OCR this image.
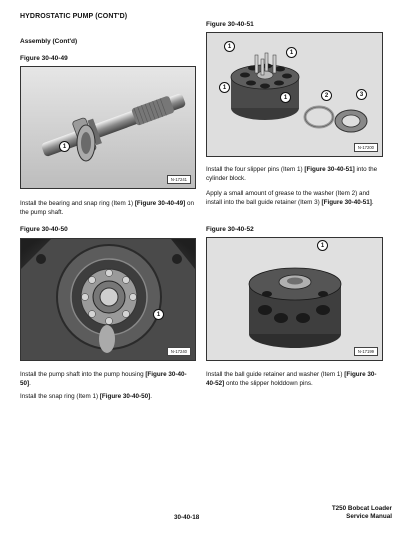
HYDROSTATIC PUMP (CONT'D)
Assembly (Cont'd)
Figure 30-40-49
1
N-17241
Install the bearing and snap ring (Item 1) [Figure 30-40-49] on the pump shaft.
Figure 30-40-50
1
N-17240
Install the pump shaft into the pump housing [Figure 30-40-50].
Install the snap ring (Item 1) [Figure 30-40-50].
Figure 30-40-51
1
1
1
1	2	3
N-17200
Install the four slipper pins (Item 1) [Figure 30-40-51] into the cylinder block.
Apply a small amount of grease to the washer (Item 2) and install into the ball guide retainer (Item 3) [Figure 30-40-51].
Figure 30-40-52
1
N-17199
Install the ball guide retainer and washer (Item 1) [Figure 30-40-52] onto the slipper holddown pins.
30-40-18
T250 Bobcat Loader
Service Manual
